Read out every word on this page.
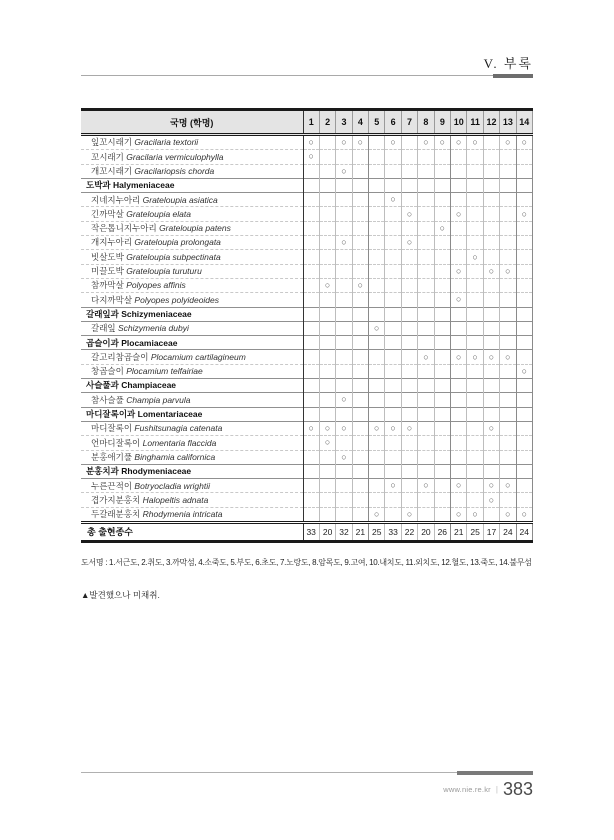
V. 부록
국명 (학명)	1	2	3	4	5	6	7	8	9	10	11	12	13	14
잎꼬시래기 Gracilaria textorii	○		○	○		○		○	○	○	○		○	○
꼬시래기 Gracilaria vermiculophylla	○													
개꼬시래기 Gracilariopsis chorda			○											
도박과 Halymeniaceae														
지네지누아리 Grateloupia asiatica						○								
긴까막살 Grateloupia elata							○			○				○
작은톱니지누아리 Grateloupia patens									○					
개지누아리 Grateloupia prolongata			○				○							
빗살도박 Grateloupia subpectinata											○			
미끌도박 Grateloupia turuturu										○		○	○	
참까막살 Polyopes affinis		○		○										
다지까막살 Polyopes polyideoides										○				
갈래잎과 Schizymeniaceae														
갈래잎 Schizymenia dubyi					○									
곱슬이과 Plocamiaceae														
갈고리참곱슬이 Plocamium cartilagineum								○		○	○	○	○	
창곱슬이 Plocamium telfairiae														○
사슬풀과 Champiaceae														
참사슬풀 Champia parvula			○											
마디잘록이과 Lomentariaceae														
마디잘록이 Fushitsunagia catenata	○	○	○		○	○	○					○		
언마디잘록이 Lomentaria flaccida		○												
분홍애기풀 Binghamia californica			○											
분홍치과 Rhodymeniaceae														
누른끈적이 Botryocladia wrightii						○		○		○		○	○	
겹가지분홍치 Halopeltis adnata												○		
두갈래분홍치 Rhodymenia intricata					○		○			○	○		○	○
총 출현종수	33	20	32	21	25	33	22	20	26	21	25	17	24	24
도서명 : 1.서근도, 2.취도, 3.까막섬, 4.소죽도, 5.부도, 6.초도, 7.노랑도, 8.암목도, 9.고여, 10.내치도, 11.외치도, 12.혈도, 13.죽도, 14.불무섬
▲발견했으나 미채취.
www.nie.re.kr | 383
